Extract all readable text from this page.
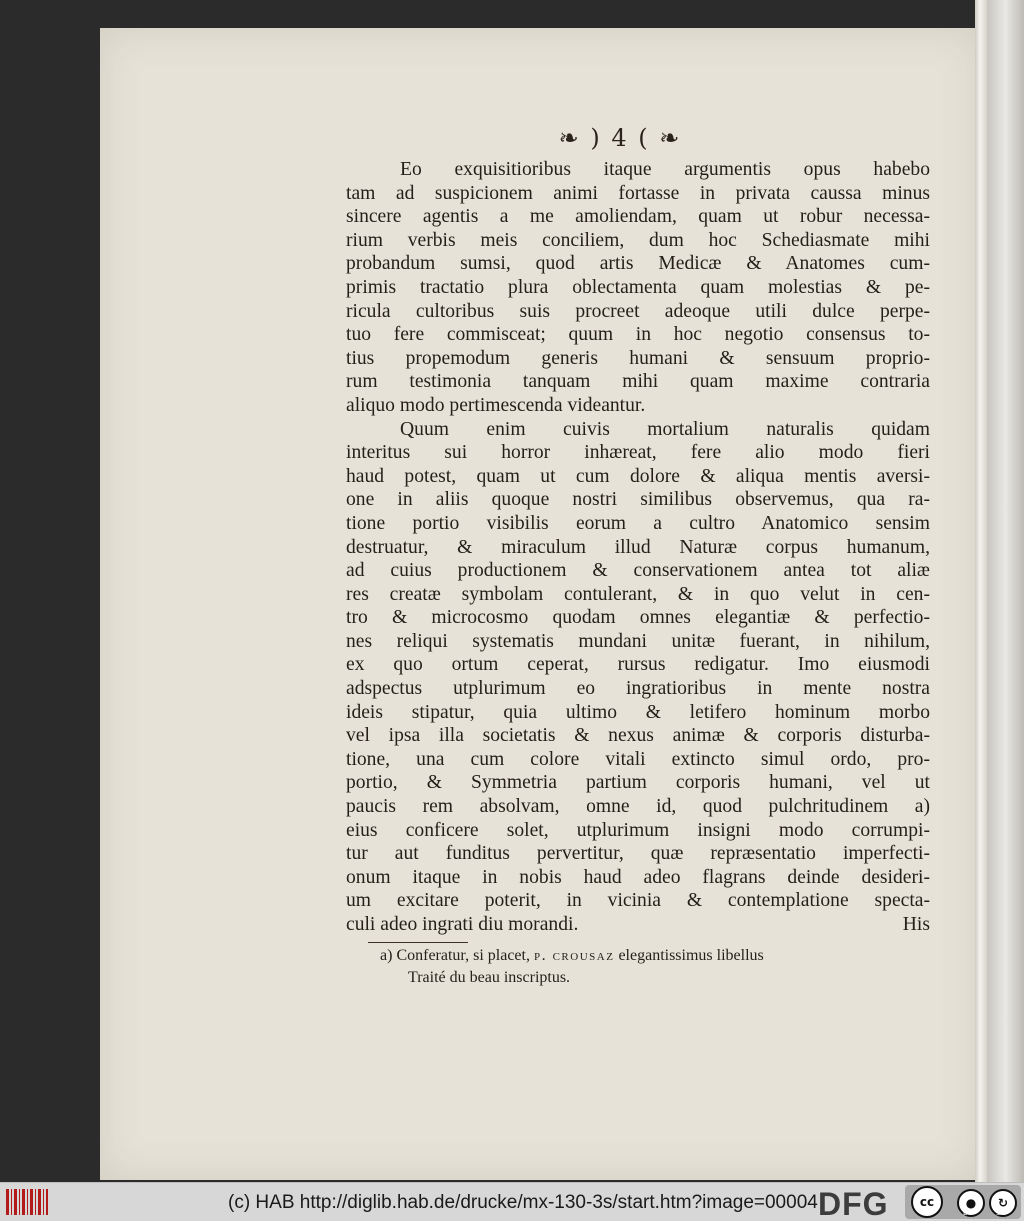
❧ ) 4 ( ❧
Eo exquisitioribus itaque argumentis opus habebo
tam ad suspicionem animi fortasse in privata caussa minus
sincere agentis a me amoliendam, quam ut robur necessa-
rium verbis meis conciliem, dum hoc Schediasmate mihi
probandum sumsi, quod artis Medicæ & Anatomes cum-
primis tractatio plura oblectamenta quam molestias & pe-
ricula cultoribus suis procreet adeoque utili dulce perpe-
tuo fere commisceat; quum in hoc negotio consensus to-
tius propemodum generis humani & sensuum proprio-
rum testimonia tanquam mihi quam maxime contraria
aliquo modo pertimescenda videantur.
Quum enim cuivis mortalium naturalis quidam
interitus sui horror inhæreat, fere alio modo fieri
haud potest, quam ut cum dolore & aliqua mentis aversi-
one in aliis quoque nostri similibus observemus, qua ra-
tione portio visibilis eorum a cultro Anatomico sensim
destruatur, & miraculum illud Naturæ corpus humanum,
ad cuius productionem & conservationem antea tot aliæ
res creatæ symbolam contulerant, & in quo velut in cen-
tro & microcosmo quodam omnes elegantiæ & perfectio-
nes reliqui systematis mundani unitæ fuerant, in nihilum,
ex quo ortum ceperat, rursus redigatur. Imo eiusmodi
adspectus utplurimum eo ingratioribus in mente nostra
ideis stipatur, quia ultimo & letifero hominum morbo
vel ipsa illa societatis & nexus animæ & corporis disturba-
tione, una cum colore vitali extincto simul ordo, pro-
portio, & Symmetria partium corporis humani, vel ut
paucis rem absolvam, omne id, quod pulchritudinem a)
eius conficere solet, utplurimum insigni modo corrumpi-
tur aut funditus pervertitur, quæ repræsentatio imperfecti-
onum itaque in nobis haud adeo flagrans deinde desideri-
um excitare poterit, in vicinia & contemplatione specta-
culi adeo ingrati diu morandi.	His
a) Conferatur, si placet, p. crousaz elegantissimus libellus
Traité du beau inscriptus.
(c) HAB http://diglib.hab.de/drucke/mx-130-3s/start.htm?image=00004 DFG	cc	●	↻
BY	SA
